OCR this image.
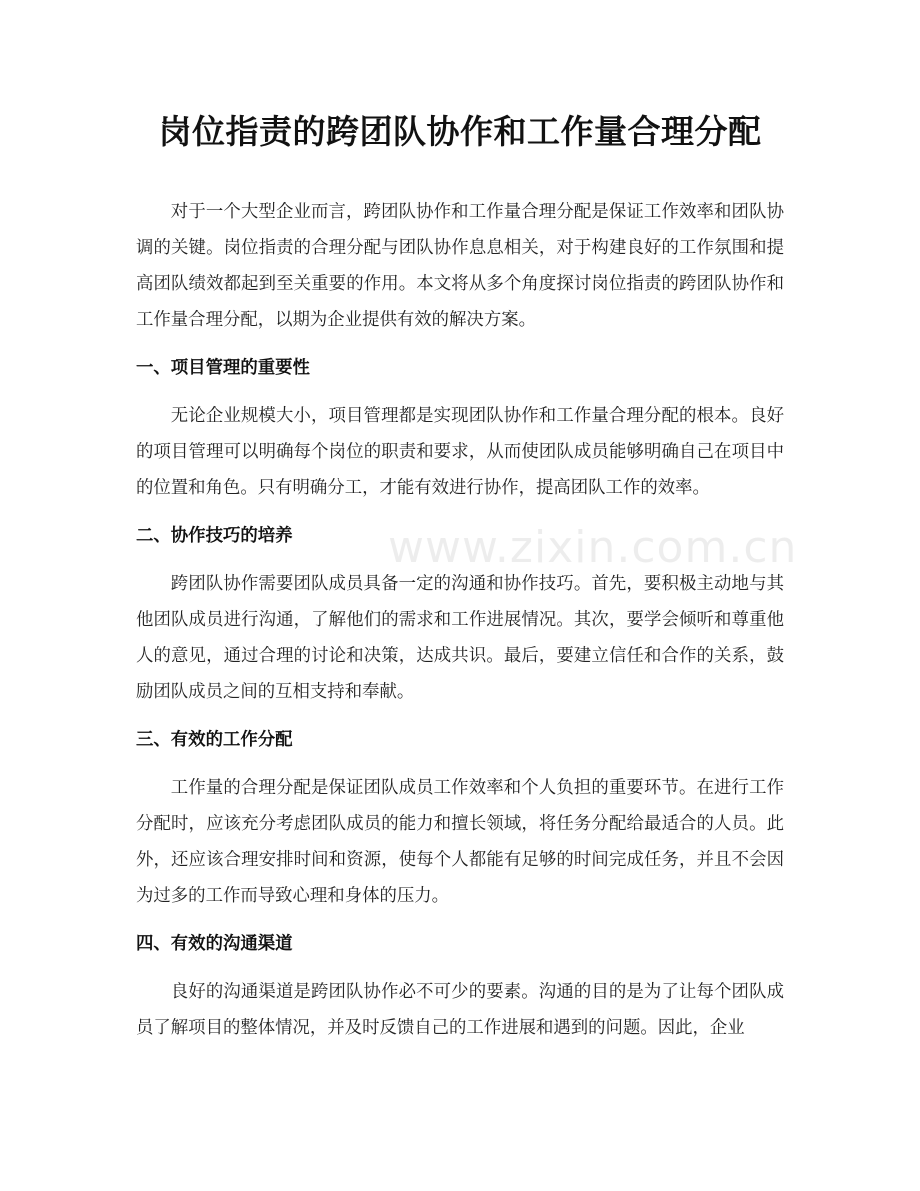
www.zixin.com.cn
岗位指责的跨团队协作和工作量合理分配

对于一个大型企业而言，跨团队协作和工作量合理分配是保证工作效率和团队协调的关键。岗位指责的合理分配与团队协作息息相关，对于构建良好的工作氛围和提高团队绩效都起到至关重要的作用。本文将从多个角度探讨岗位指责的跨团队协作和工作量合理分配，以期为企业提供有效的解决方案。

一、项目管理的重要性

无论企业规模大小，项目管理都是实现团队协作和工作量合理分配的根本。良好的项目管理可以明确每个岗位的职责和要求，从而使团队成员能够明确自己在项目中的位置和角色。只有明确分工，才能有效进行协作，提高团队工作的效率。

二、协作技巧的培养

跨团队协作需要团队成员具备一定的沟通和协作技巧。首先，要积极主动地与其他团队成员进行沟通，了解他们的需求和工作进展情况。其次，要学会倾听和尊重他人的意见，通过合理的讨论和决策，达成共识。最后，要建立信任和合作的关系，鼓励团队成员之间的互相支持和奉献。

三、有效的工作分配

工作量的合理分配是保证团队成员工作效率和个人负担的重要环节。在进行工作分配时，应该充分考虑团队成员的能力和擅长领域，将任务分配给最适合的人员。此外，还应该合理安排时间和资源，使每个人都能有足够的时间完成任务，并且不会因为过多的工作而导致心理和身体的压力。

四、有效的沟通渠道

良好的沟通渠道是跨团队协作必不可少的要素。沟通的目的是为了让每个团队成员了解项目的整体情况，并及时反馈自己的工作进展和遇到的问题。因此，企业
